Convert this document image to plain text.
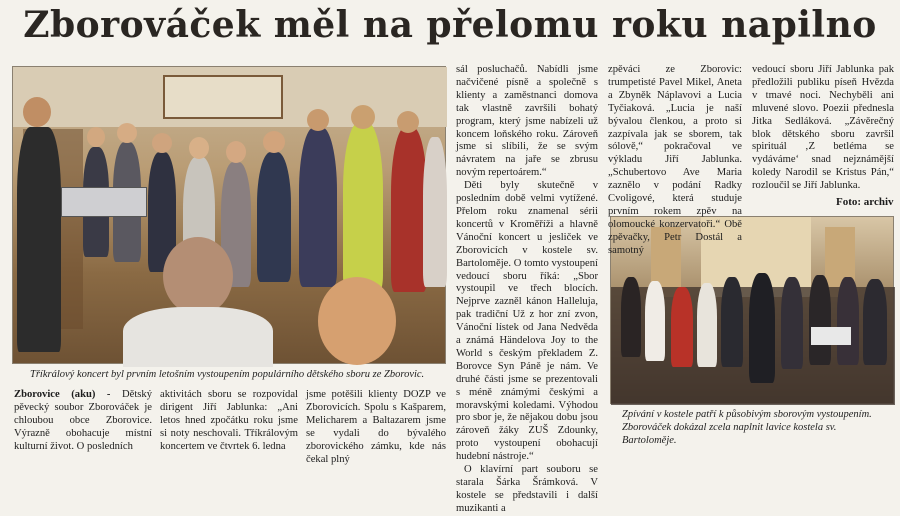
Zborováček měl na přelomu roku napilno
Tříkrálový koncert byl prvním letošním vystoupením populárního dětského sboru ze Zborovic.
Zpívání v kostele patří k působivým sborovým vystoupením. Zborováček dokázal zcela naplnit lavice kostela sv. Bartoloměje.

Zborovice (aku) - Dětský pěvecký soubor Zborováček je chloubou obce Zborovice. Výrazně obohacuje místní kulturní život. O posledních

aktivitách sboru se rozpovídal dirigent Jiří Jablunka: „Ani letos hned zpočátku roku jsme si noty neschovali. Tříkrálovým koncertem ve čtvrtek 6. ledna

jsme potěšili klienty DOZP ve Zborovicích. Spolu s Kašparem, Melicharem a Baltazarem jsme se vydali do bývalého zborovického zámku, kde nás čekal plný

sál posluchačů. Nabídli jsme načvičené písně a společně s klienty a zaměstnanci domova tak vlastně završili bohatý program, který jsme nabízeli už koncem loňského roku. Zároveň jsme si slíbili, že se svým návratem na jaře se zbrusu novým repertoárem.“

Děti byly skutečně v posledním době velmi vytížené. Přelom roku znamenal sérii koncertů v Kroměříži a hlavně Vánoční koncert u jesliček ve Zborovicích v kostele sv. Bartoloměje. O tomto vystoupení vedoucí sboru říká: „Sbor vystoupil ve třech blocích. Nejprve zazněl kánon Halleluja, pak tradiční Už z hor zní zvon, Vánoční lístek od Jana Nedvěda a známá Händelova Joy to the World s českým překladem Z. Borovce Syn Páně je nám. Ve druhé části jsme se prezentovali s méně známými českými a moravskými koledami. Výhodou pro sbor je, že nějakou dobu jsou zároveň žáky ZUŠ Zdounky, proto vystoupení obohacují hudební nástroje.“

O klavírní part souboru se starala Šárka Šrámková. V kostele se představili i další muzikanti a

zpěváci ze Zborovic: trumpetisté Pavel Mikel, Aneta a Zbyněk Náplavovi a Lucia Tyčiaková. „Lucia je naší bývalou členkou, a proto si zazpívala jak se sborem, tak sólově,“ pokračoval ve výkladu Jiří Jablunka. „Schubertovo Ave Maria zaznělo v podání Radky Cvoligové, která studuje prvním rokem zpěv na olomoucké konzervatoři.“ Obě zpěvačky, Petr Dostál a samotný

vedoucí sboru Jiří Jablunka pak předložili publiku píseň Hvězda v tmavé noci. Nechyběli ani mluvené slovo. Poezii přednesla Jitka Sedláková. „Závěrečný blok dětského sboru završil spirituál ‚Z betléma se vydáváme‘ snad nejznámější koledy Narodil se Kristus Pán,“ rozloučil se Jiří Jablunka.

Foto: archiv
